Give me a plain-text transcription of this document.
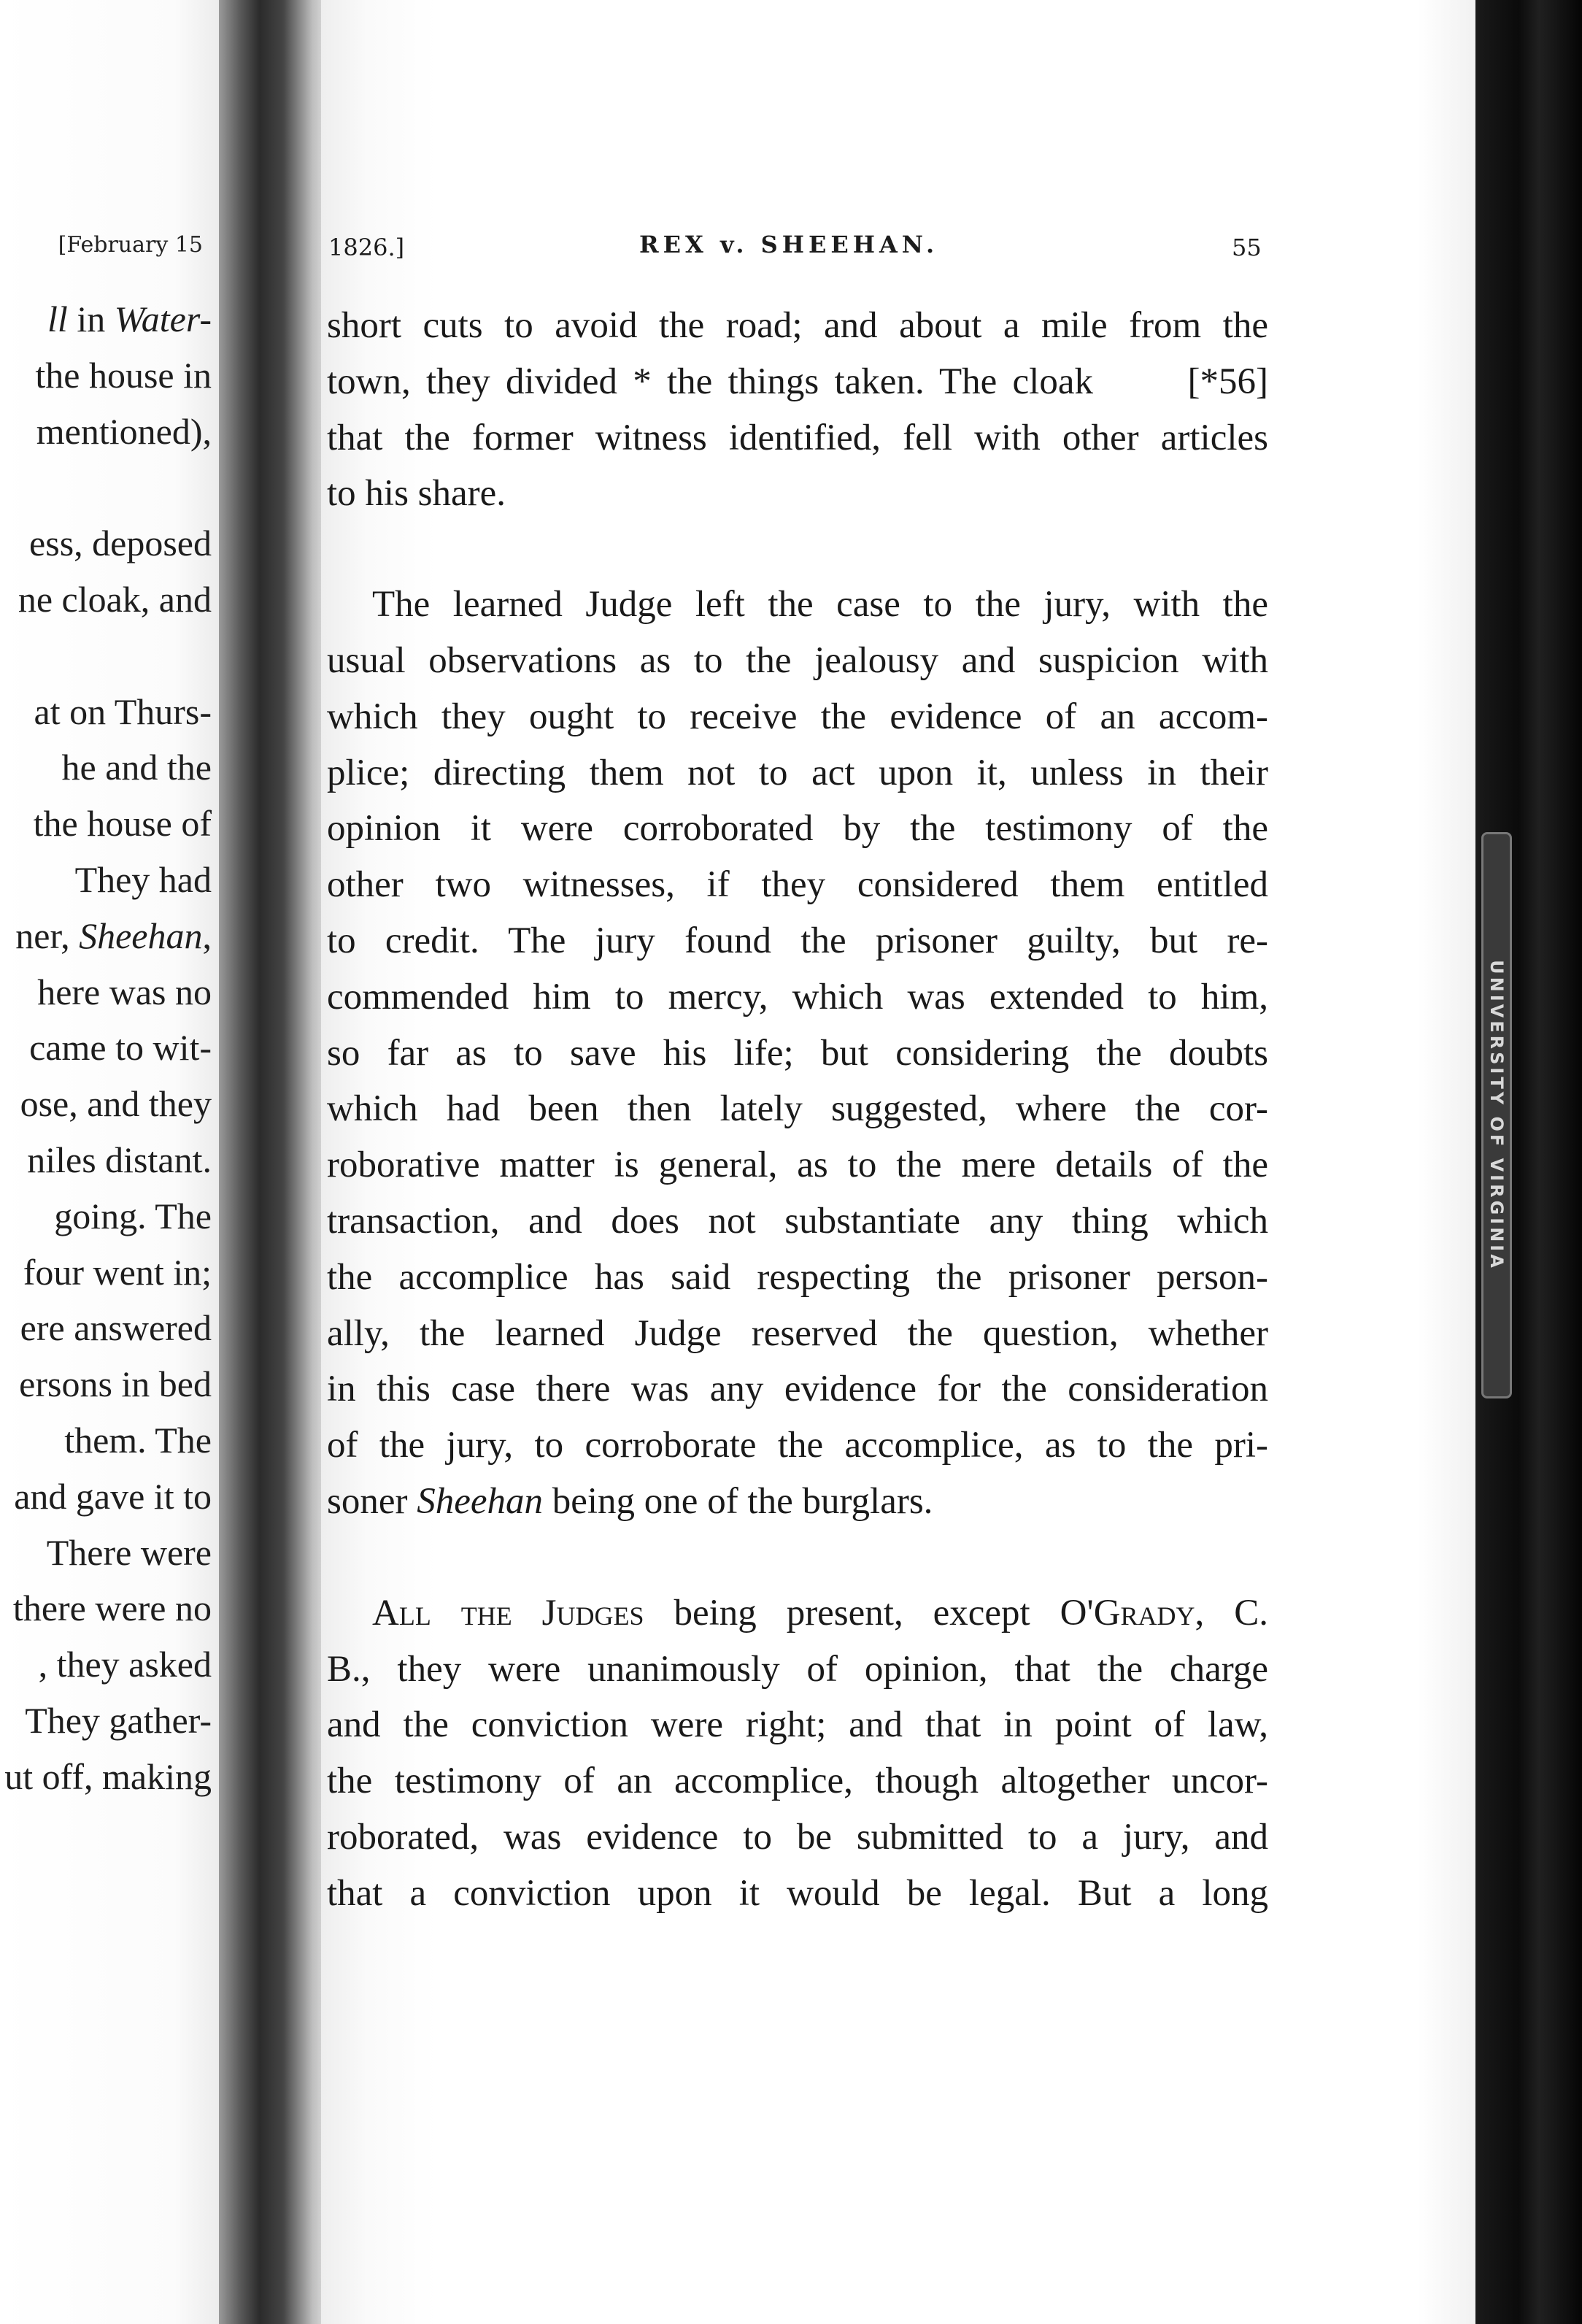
[February 15
ll in Water-
the house in
mentioned),
ess, deposed
ne cloak, and
at on Thurs-
he and the
the house of
They had
ner, Sheehan,
here was no
came to wit-
ose, and they
niles distant.
going. The
four went in;
ere answered
ersons in bed
them. The
and gave it to
There were
there were no
, they asked
They gather-
ut off, making
1826.]	REX v. SHEEHAN.	55
short cuts to avoid the road; and about a mile from the
town, they divided * the things taken. The cloak	[*56]
that the former witness identified, fell with other articles
to his share.
The learned Judge left the case to the jury, with the
usual observations as to the jealousy and suspicion with
which they ought to receive the evidence of an accom-
plice; directing them not to act upon it, unless in their
opinion it were corroborated by the testimony of the
other two witnesses, if they considered them entitled
to credit. The jury found the prisoner guilty, but re-
commended him to mercy, which was extended to him,
so far as to save his life; but considering the doubts
which had been then lately suggested, where the cor-
roborative matter is general, as to the mere details of the
transaction, and does not substantiate any thing which
the accomplice has said respecting the prisoner person-
ally, the learned Judge reserved the question, whether
in this case there was any evidence for the consideration
of the jury, to corroborate the accomplice, as to the pri-
soner Sheehan being one of the burglars.
All the Judges being present, except O'Grady, C.
B., they were unanimously of opinion, that the charge
and the conviction were right; and that in point of law,
the testimony of an accomplice, though altogether uncor-
roborated, was evidence to be submitted to a jury, and
that a conviction upon it would be legal. But a long
UNIVERSITY OF VIRGINIA
